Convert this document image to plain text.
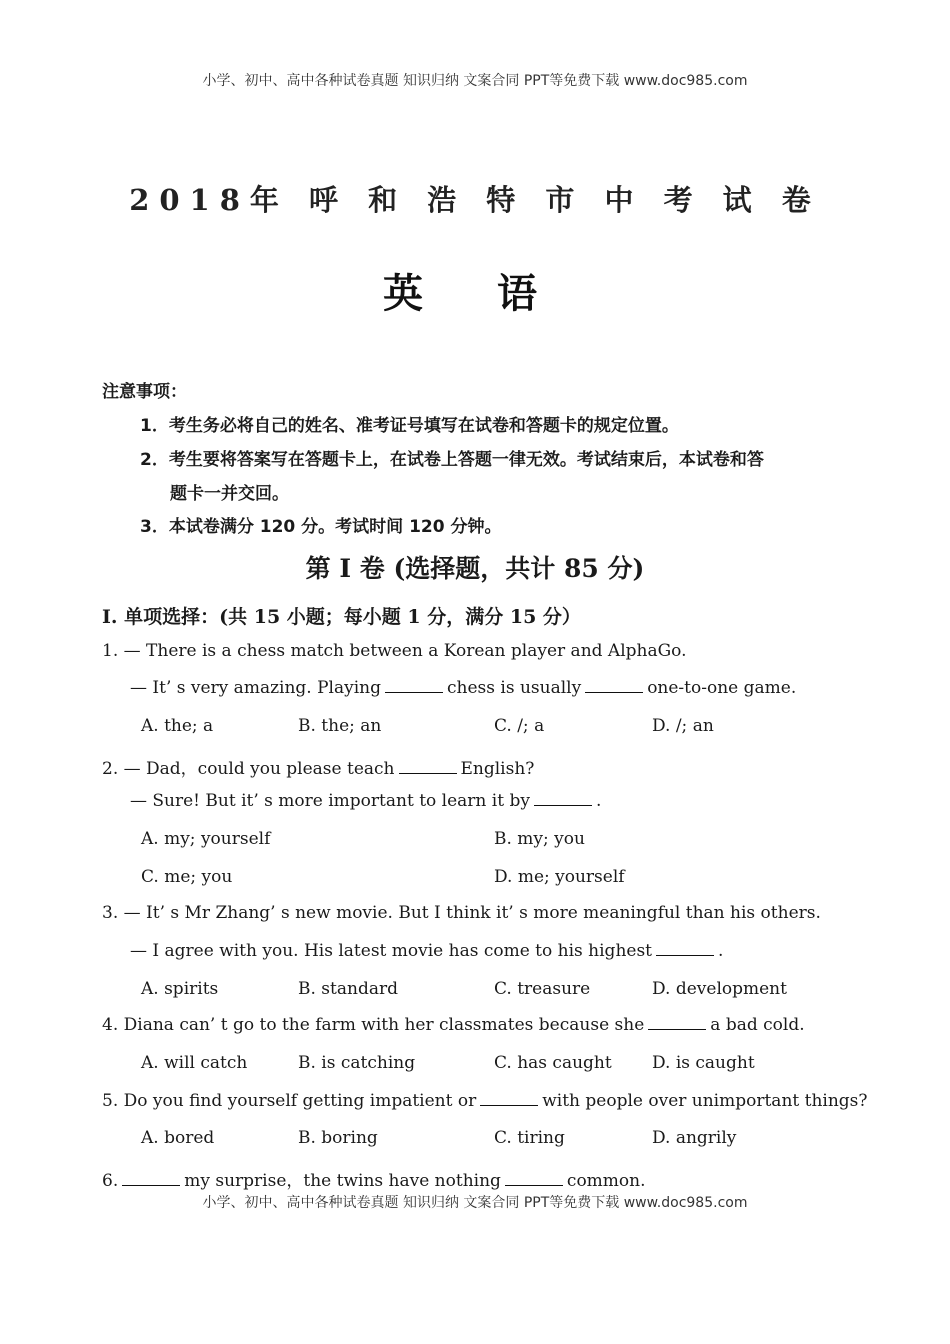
小学、初中、高中各种试卷真题 知识归纳 文案合同 PPT等免费下载 www.doc985.com
2018年 呼 和 浩 特 市 中 考 试 卷
英 语
注意事项：
1．考生务必将自己的姓名、准考证号填写在试卷和答题卡的规定位置。
2．考生要将答案写在答题卡上，在试卷上答题一律无效。考试结束后，本试卷和答
题卡一并交回。
3．本试卷满分 120 分。考试时间 120 分钟。
第 I 卷 (选择题，共计 85 分)
I. 单项选择：(共 15 小题；每小题 1 分，满分 15 分）
1. — There is a chess match between a Korean player and AlphaGo.
— It’ s very amazing. Playing	chess is usually	one-to-one game.
A. the; a	B. the; an	C. /; a	D. /; an
2. — Dad，could you please teach	English?
— Sure! But it’ s more important to learn it by	.
A. my; yourself	B. my; you
C. me; you	D. me; yourself
3. — It’ s Mr Zhang’ s new movie. But I think it’ s more meaningful than his others.
— I agree with you. His latest movie has come to his highest	.
A. spirits	B. standard	C. treasure	D. development
4. Diana can’ t go to the farm with her classmates because she	a bad cold.
A. will catch	B. is catching	C. has caught D. is caught
5. Do you find yourself getting impatient or	with people over unimportant things?
A. bored	B. boring	C. tiring	D. angrily
6.	my surprise，the twins have nothing	common.
小学、初中、高中各种试卷真题 知识归纳 文案合同 PPT等免费下载 www.doc985.com
